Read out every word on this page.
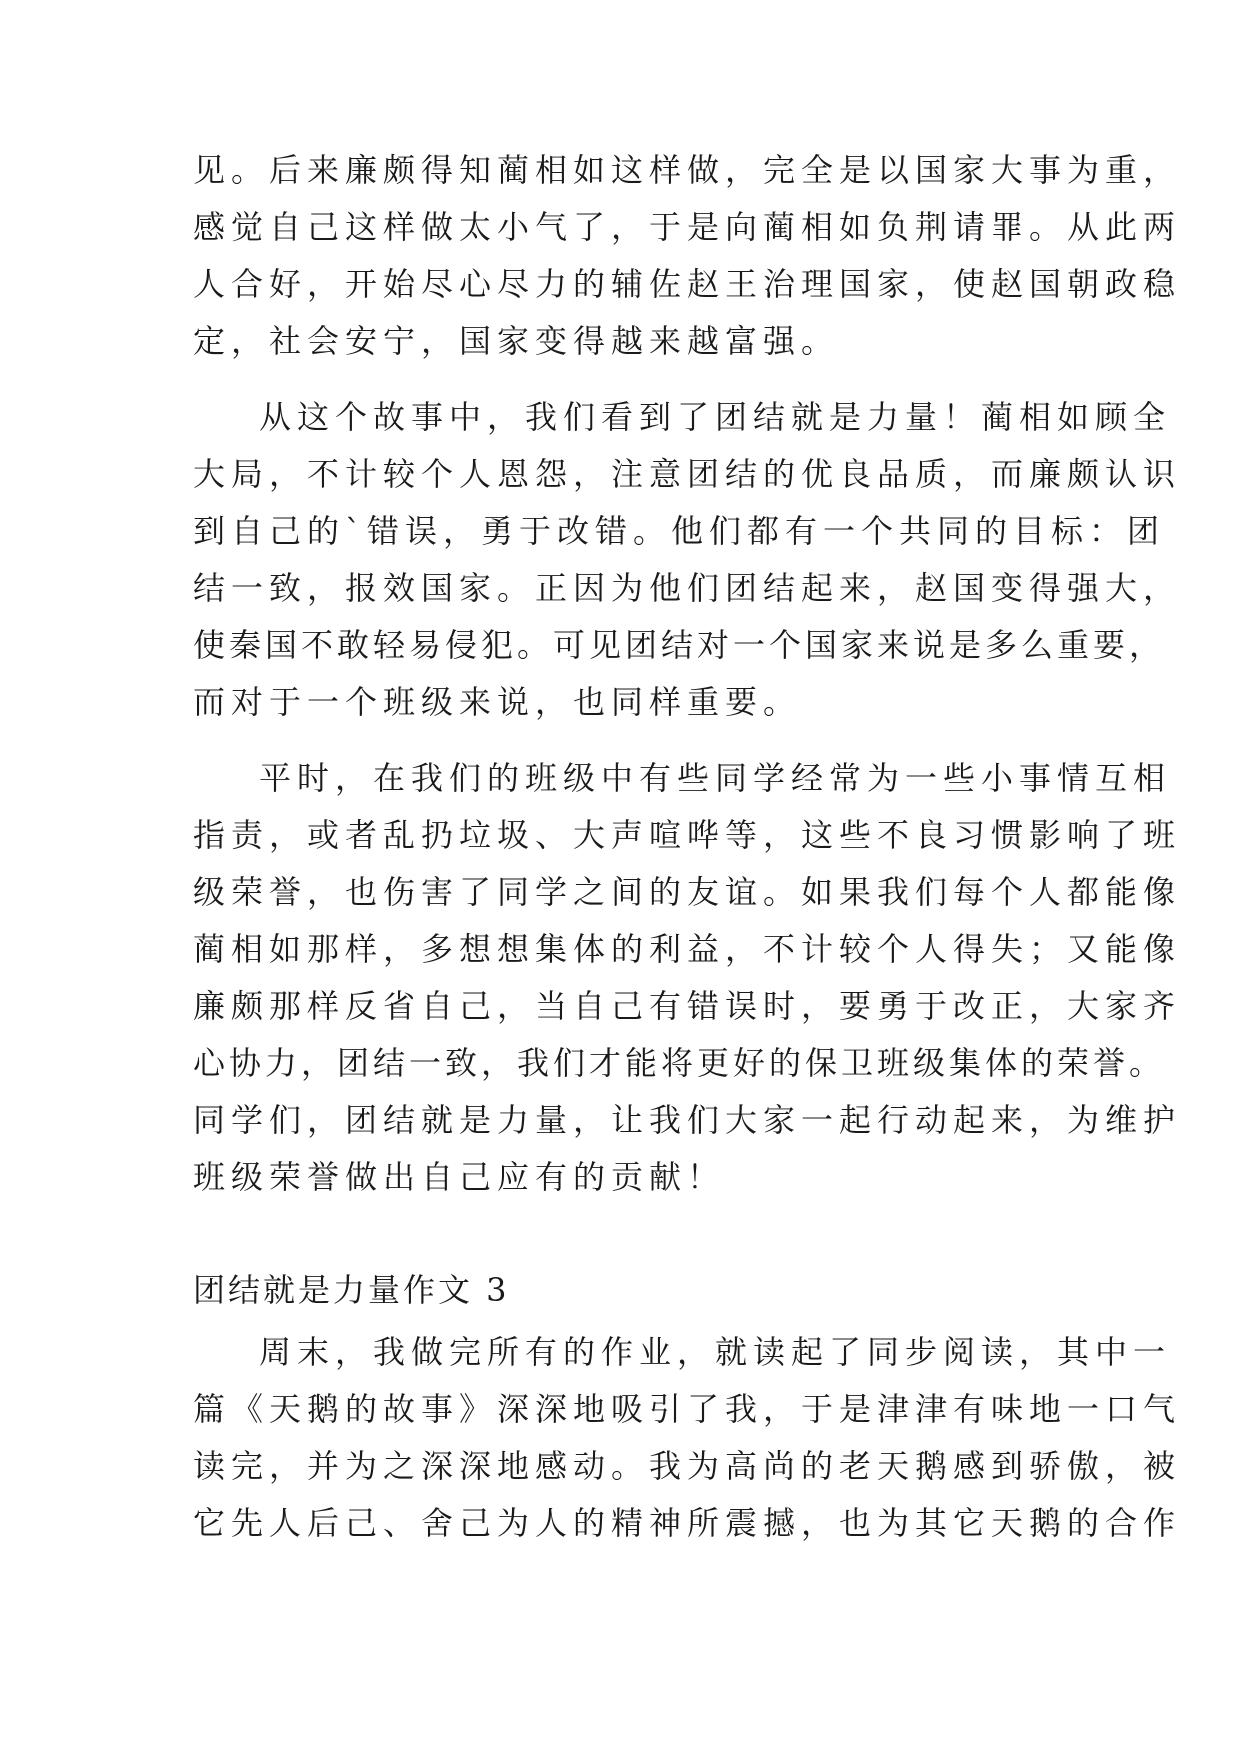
见。后来廉颇得知蔺相如这样做，完全是以国家大事为重，
感觉自己这样做太小气了，于是向蔺相如负荆请罪。从此两
人合好，开始尽心尽力的辅佐赵王治理国家，使赵国朝政稳
定，社会安宁，国家变得越来越富强。
从这个故事中，我们看到了团结就是力量！蔺相如顾全
大局，不计较个人恩怨，注意团结的优良品质，而廉颇认识
到自己的`错误，勇于改错。他们都有一个共同的目标：团
结一致，报效国家。正因为他们团结起来，赵国变得强大，
使秦国不敢轻易侵犯。可见团结对一个国家来说是多么重要，
而对于一个班级来说，也同样重要。
平时，在我们的班级中有些同学经常为一些小事情互相
指责，或者乱扔垃圾、大声喧哗等，这些不良习惯影响了班
级荣誉，也伤害了同学之间的友谊。如果我们每个人都能像
蔺相如那样，多想想集体的利益，不计较个人得失；又能像
廉颇那样反省自己，当自己有错误时，要勇于改正，大家齐
心协力，团结一致，我们才能将更好的保卫班级集体的荣誉。
同学们，团结就是力量，让我们大家一起行动起来，为维护
班级荣誉做出自己应有的贡献！
团结就是力量作文 3
周末，我做完所有的作业，就读起了同步阅读，其中一
篇《天鹅的故事》深深地吸引了我，于是津津有味地一口气
读完，并为之深深地感动。我为高尚的老天鹅感到骄傲，被
它先人后己、舍己为人的精神所震撼，也为其它天鹅的合作
